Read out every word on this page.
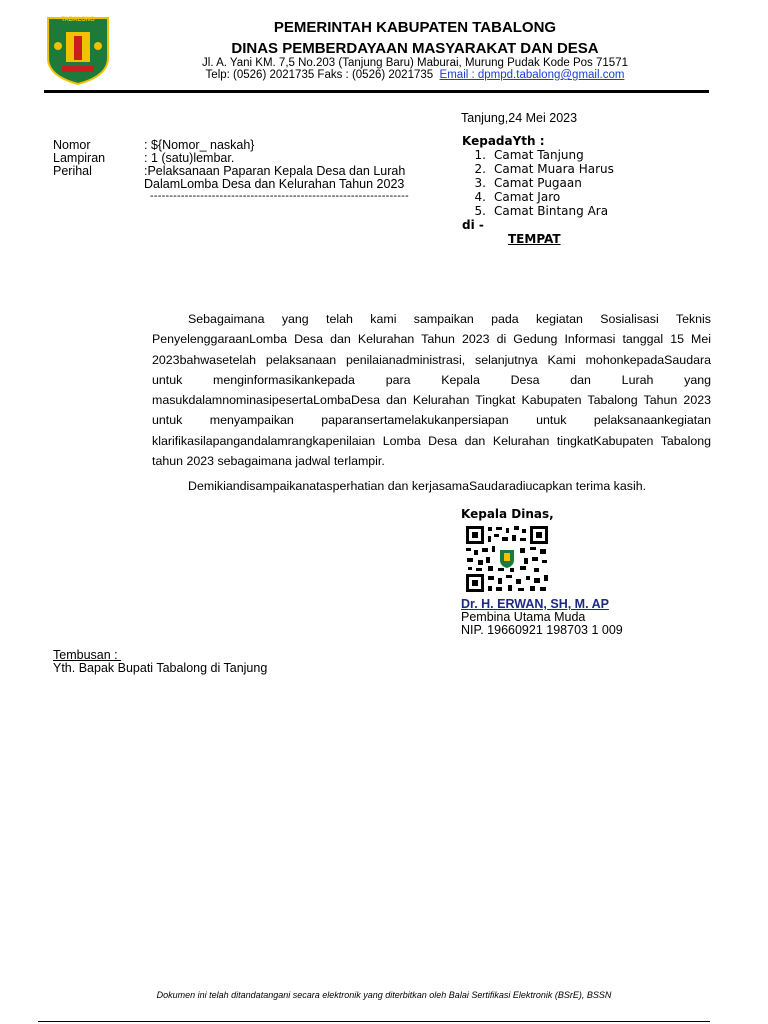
TABALONG	PEMERINTAH KABUPATEN TABALONG
DINAS PEMBERDAYAAN MASYARAKAT DAN DESA
Jl. A. Yani KM. 7,5 No.203 (Tanjung Baru) Maburai, Murung Pudak Kode Pos 71571
Telp: (0526) 2021735 Faks : (0526) 2021735 Email : dpmpd.tabalong@gmail.com
Tanjung,24 Mei 2023
Nomor	: ${Nomor_ naskah}
Lampiran	: 1 (satu)lembar.
Perihal	:Pelaksanaan Paparan Kepala Desa dan Lurah
DalamLomba Desa dan Kelurahan Tahun 2023
-------------------------------------------------------------------
KepadaYth :
1. Camat Tanjung
2. Camat Muara Harus
3. Camat Pugaan
4. Camat Jaro
5. Camat Bintang Ara
di -
TEMPAT
Sebagaimana yang telah kami sampaikan pada kegiatan Sosialisasi Teknis PenyelenggaraanLomba Desa dan Kelurahan Tahun 2023 di Gedung Informasi tanggal 15 Mei 2023bahwasetelah pelaksanaan penilaianadministrasi, selanjutnya Kami mohonkepadaSaudara untuk menginformasikankepada para Kepala Desa dan Lurah yang masukdalamnominasipesertaLombaDesa dan Kelurahan Tingkat Kabupaten Tabalong Tahun 2023 untuk menyampaikan paparansertamelakukanpersiapan untuk pelaksanaankegiatan klarifikasilapangandalamrangkapenilaian Lomba Desa dan Kelurahan tingkatKabupaten Tabalong tahun 2023 sebagaimana jadwal terlampir.
Demikiandisampaikanatasperhatian dan kerjasamaSaudaradiucapkan terima kasih.
Kepala Dinas,
Dr. H. ERWAN, SH, M. AP
Pembina Utama Muda
NIP. 19660921 198703 1 009
Tembusan :
Yth. Bapak Bupati Tabalong di Tanjung
Dokumen ini telah ditandatangani secara elektronik yang diterbitkan oleh Balai Sertifikasi Elektronik (BSrE), BSSN
